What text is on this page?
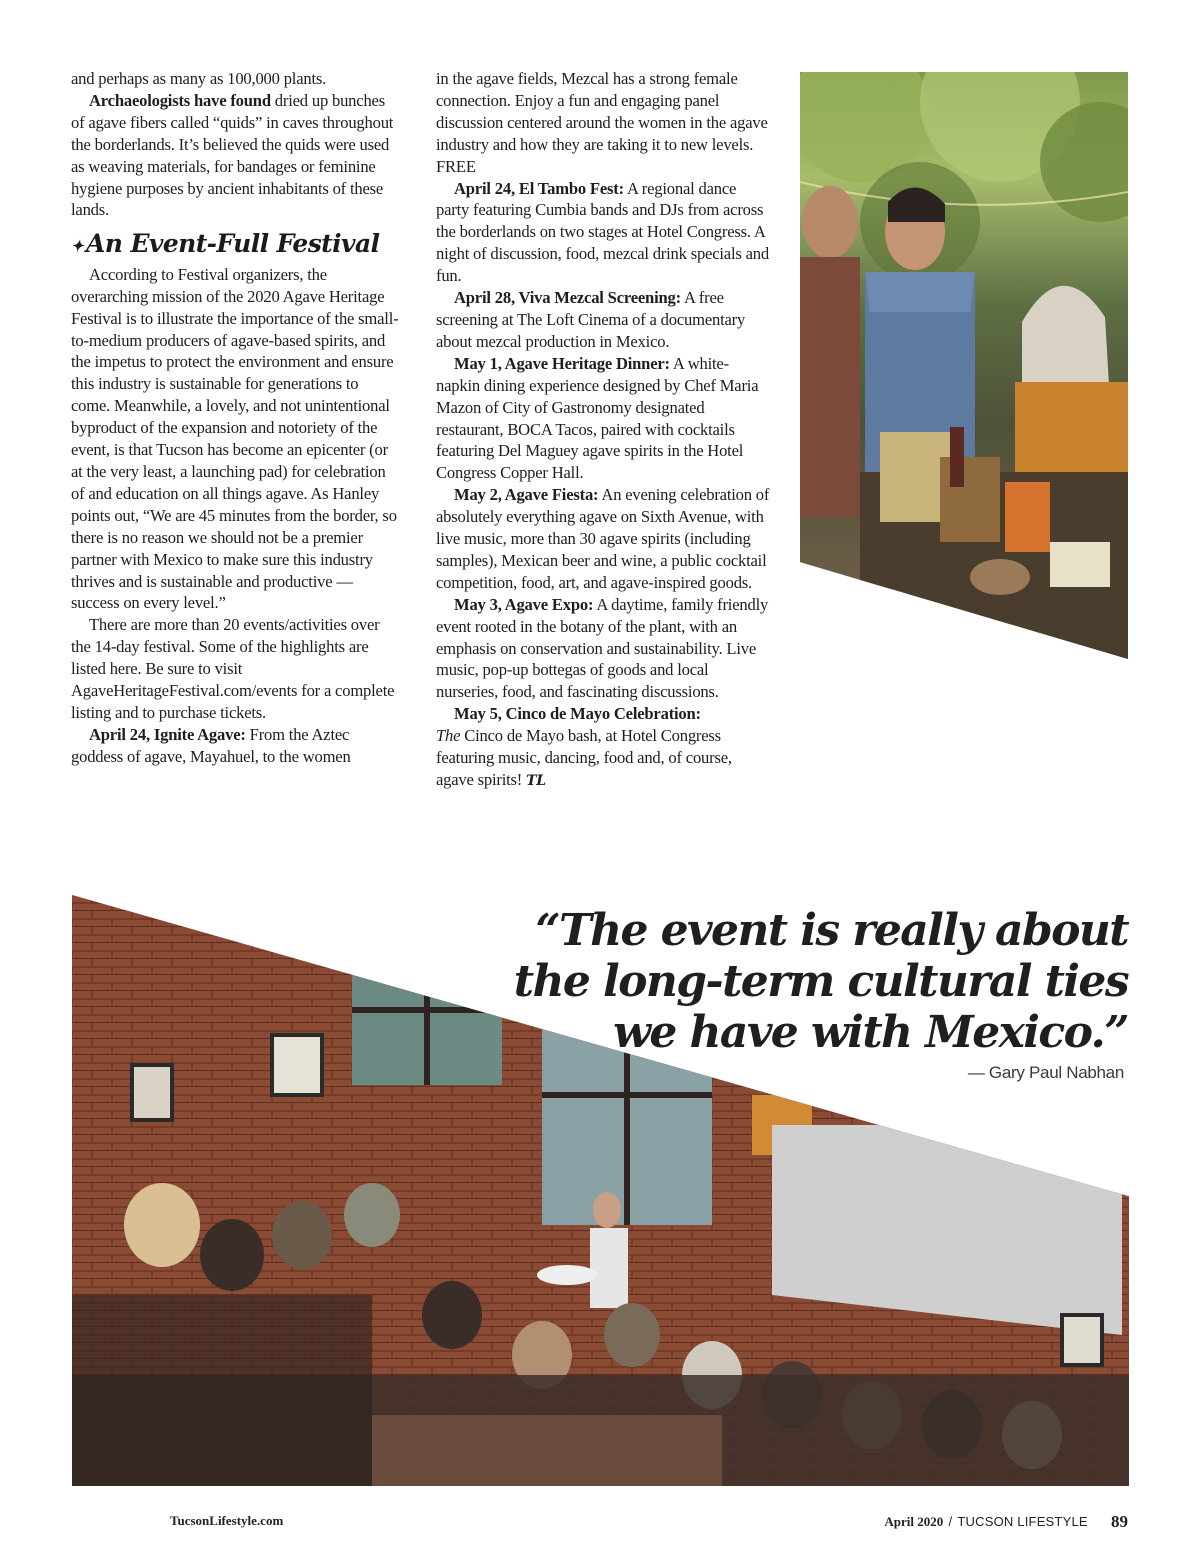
and perhaps as many as 100,000 plants.

Archaeologists have found dried up bunches of agave fibers called “quids” in caves throughout the borderlands. It’s believed the quids were used as weaving materials, for bandages or feminine hygiene purposes by ancient inhabitants of these lands.

✦ An Event-Full Festival

According to Festival organizers, the overarching mission of the 2020 Agave Heritage Festival is to illustrate the importance of the small-to-medium producers of agave-based spirits, and the impetus to protect the environment and ensure this industry is sustainable for generations to come. Meanwhile, a lovely, and not unintentional byproduct of the expansion and notoriety of the event, is that Tucson has become an epicenter (or at the very least, a launching pad) for celebration of and education on all things agave. As Hanley points out, “We are 45 minutes from the border, so there is no reason we should not be a premier partner with Mexico to make sure this industry thrives and is sustainable and productive — success on every level.”

There are more than 20 events/activities over the 14-day festival. Some of the highlights are listed here. Be sure to visit AgaveHeritageFestival.com/events for a complete listing and to purchase tickets.

April 24, Ignite Agave: From the Aztec goddess of agave, Mayahuel, to the women

in the agave fields, Mezcal has a strong female connection. Enjoy a fun and engaging panel discussion centered around the women in the agave industry and how they are taking it to new levels. FREE

April 24, El Tambo Fest: A regional dance party featuring Cumbia bands and DJs from across the borderlands on two stages at Hotel Congress. A night of discussion, food, mezcal drink specials and fun.

April 28, Viva Mezcal Screening: A free screening at The Loft Cinema of a documentary about mezcal production in Mexico.

May 1, Agave Heritage Dinner: A white-napkin dining experience designed by Chef Maria Mazon of City of Gastronomy designated restaurant, BOCA Tacos, paired with cocktails featuring Del Maguey agave spirits in the Hotel Congress Copper Hall.

May 2, Agave Fiesta: An evening celebration of absolutely everything agave on Sixth Avenue, with live music, more than 30 agave spirits (including samples), Mexican beer and wine, a public cocktail competition, food, art, and agave-inspired goods.

May 3, Agave Expo: A daytime, family friendly event rooted in the botany of the plant, with an emphasis on conservation and sustainability. Live music, pop-up bottegas of goods and local nurseries, food, and fascinating discussions.

May 5, Cinco de Mayo Celebration:
The Cinco de Mayo bash, at Hotel Congress featuring music, dancing, food and, of course, agave spirits! TL

“The event is really about the long-term cultural ties we have with Mexico.”
— Gary Paul Nabhan
TucsonLifestyle.com	April 2020 / TUCSON LIFESTYLE 89
